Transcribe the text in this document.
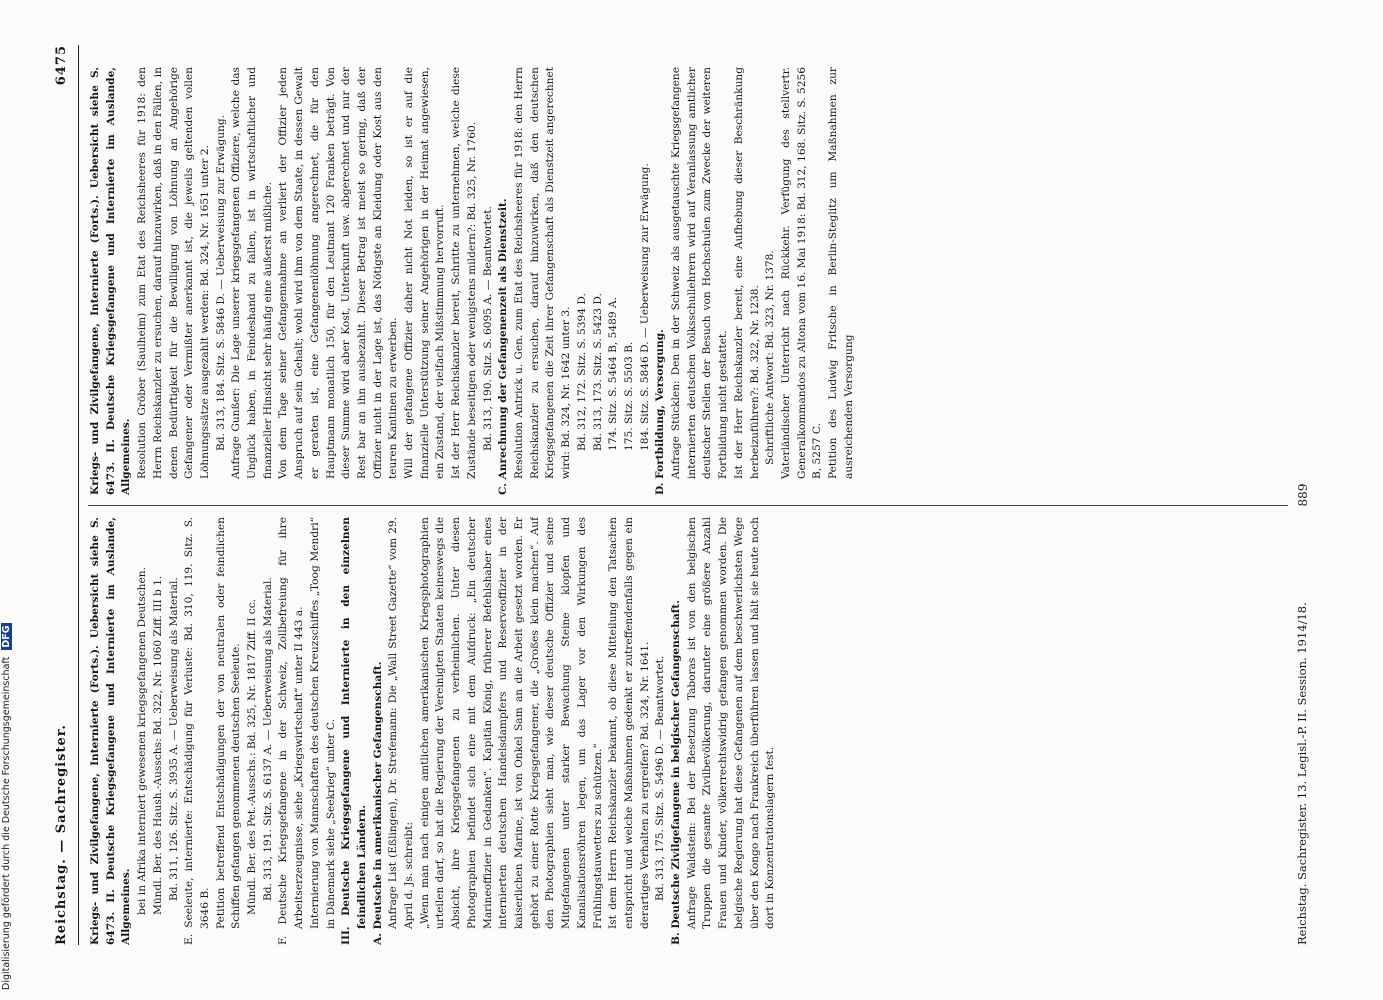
Digitalisierung gefördert durch die Deutsche Forschungsgemeinschaft DFG
Reichstag. — Sachregister.
6475
Kriegs- und Zivilgefangene, Internierte (Forts.). Uebersicht siehe S. 6473. II. Deutsche Kriegsgefangene und Internierte im Auslande, Allgemeines. bei in Afrika interniert gewesenen kriegsgefangenen Deutschen. Mündl. Ber. des Haush.-Ausschs: Bd. 322, Nr. 1060 Ziff. III b 1. Bd. 311, 126. Sitz. S. 3935 A. — Ueberweisung als Material. E. Seeleute, internierte: Entschädigung für Verluste: Bd. 310, 119. Sitz. S. 3646 B. Petition betreffend Entschädigungen der von neutralen oder feindlichen Schiffen gefangen genommenen deutschen Seeleute. Mündl. Ber. des Pet.-Ausschs.: Bd. 325, Nr. 1817 Ziff. II cc. Bd. 313, 191. Sitz. S. 6137 A. — Ueberweisung als Material. F. Deutsche Kriegsgefangene in der Schweiz, Zollbefreiung für ihre Arbeitserzeugnisse, siehe „Kriegswirtschaft“ unter II 443 a. Internierung von Mannschaften des deutschen Kreuzschiffes „Toog Mendri“ in Dänemark siehe „Seekrieg“ unter C. III. Deutsche Kriegsgefangene und Internierte in den einzelnen feindlichen Ländern. A. Deutsche in amerikanischer Gefangenschaft. Anfrage List (Eßlingen), Dr. Strefemann: Die „Wall Street Gazette“ vom 29. April d. Js. schreibt: „Wenn man nach einigen amtlichen amerikanischen Kriegsphotographien urteilen darf, so hat die Regierung der Vereinigten Staaten keineswegs die Absicht, ihre Kriegsgefangenen zu verheimlichen. Unter diesen Photographien befindet sich eine mit dem Aufdruck: „Ein deutscher Marineoffizier in Gedanken“. Kapitän König, früherer Befehlshaber eines internierten deutschen Handelsdampfers und Reserveoffizier in der kaiserlichen Marine, ist von Onkel Sam an die Arbeit gesetzt worden. Er gehört zu einer Rotte Kriegsgefangener, die „Großes klein machen“. Auf den Photographien sieht man, wie dieser deutsche Offizier und seine Mitgefangenen unter starker Bewachung Steine klopfen und Kanalisationsröhren legen, um das Lager vor den Wirkungen des Frühlingstauwetters zu schützen.“ Ist dem Herrn Reichskanzler bekannt, ob diese Mitteilung den Tatsachen entspricht und welche Maßnahmen gedenkt er zutreffendenfalls gegen ein derartiges Verhalten zu ergreifen? Bd. 324, Nr. 1641. Bd. 313, 175. Sitz. S. 5496 D. — Beantwortet. B. Deutsche Zivilgefangene in belgischer Gefangenschaft. Anfrage Waldstein: Bei der Besetzung Taboras ist von den belgischen Truppen die gesamte Zivilbevölkerung, darunter eine größere Anzahl Frauen und Kinder, völkerrechtswidrig gefangen genommen worden. Die belgische Regierung hat diese Gefangenen auf dem beschwerlichsten Wege über den Kongo nach Frankreich überführen lassen und hält sie heute noch dort in Konzentrationslagern fest.
Kriegs- und Zivilgefangene, Internierte (Forts.). Uebersicht siehe S. 6473. II. Deutsche Kriegsgefangene und Internierte im Auslande, Allgemeines. Resolution Gröber (Saulheim) zum Etat des Reichsheeres für 1918: den Herrn Reichskanzler zu ersuchen, darauf hinzuwirken, daß in den Fällen, in denen Bedürftigkeit für die Bewilligung von Löhnung an Angehörige Gefangener oder Vermißter anerkannt ist, die jeweils geltenden vollen Löhnungssätze ausgezahlt werden: Bd. 324, Nr. 1651 unter 2. Bd. 313, 184. Sitz. S. 5846 D. — Ueberweisung zur Erwägung. Anfrage Gunßer: Die Lage unserer kriegsgefangenen Offiziere, welche das Unglück haben, in Feindeshand zu fallen, ist in wirtschaftlicher und finanzieller Hinsicht sehr häufig eine äußerst mißliche. Von dem Tage seiner Gefangennahme an verliert der Offizier jeden Anspruch auf sein Gehalt; wohl wird ihm von dem Staate, in dessen Gewalt er geraten ist, eine Gefangenenlöhnung angerechnet, die für den Hauptmann monatlich 150, für den Leutnant 120 Franken beträgt. Von dieser Summe wird aber Kost, Unterkunft usw. abgerechnet und nur der Rest bar an ihn ausbezahlt. Dieser Betrag ist meist so gering, daß der Offizier nicht in der Lage ist, das Nötigste an Kleidung oder Kost aus den teuren Kantinen zu erwerben. Will der gefangene Offizier daher nicht Not leiden, so ist er auf die finanzielle Unterstützung seiner Angehörigen in der Heimat angewiesen, ein Zustand, der vielfach Mißstimmung hervorruft. Ist der Herr Reichskanzler bereit, Schritte zu unternehmen, welche diese Zustände beseitigen oder wenigstens mildern?: Bd. 325, Nr. 1760. Bd. 313, 190. Sitz. S. 6095 A. — Beantwortet. C. Anrechnung der Gefangenenzeit als Dienstzeit. Resolution Antrick u. Gen. zum Etat des Reichsheeres für 1918: den Herrn Reichskanzler zu ersuchen, darauf hinzuwirken, daß den deutschen Kriegsgefangenen die Zeit ihrer Gefangenschaft als Dienstzeit angerechnet wird: Bd. 324, Nr. 1642 unter 3. Bd. 312, 172. Sitz. S. 5394 D. Bd. 313, 173. Sitz. S. 5423 D. 174. Sitz. S. 5464 B, 5489 A. 175. Sitz. S. 5503 B. 184. Sitz. S. 5846 D. — Ueberweisung zur Erwägung. D. Fortbildung, Versorgung. Anfrage Stücklen: Den in der Schweiz als ausgetauschte Kriegsgefangene internierten deutschen Volksschullehrern wird auf Veranlassung amtlicher deutscher Stellen der Besuch von Hochschulen zum Zwecke der weiteren Fortbildung nicht gestattet. Ist der Herr Reichskanzler bereit, eine Aufhebung dieser Beschränkung herbeizuführen?: Bd. 322, Nr. 1238. Schriftliche Antwort: Bd. 323, Nr. 1378. Vaterländischer Unterricht nach Rückkehr. Verfügung des stellvertr. Generalkommandos zu Altona vom 16. Mai 1918: Bd. 312, 168. Sitz. S. 5256 B, 5257 C. Petition des Ludwig Fritsche in Berlin-Steglitz um Maßnahmen zur ausreichenden Versorgung
Reichstag. Sachregister. 13. Legisl.-P. II. Session. 1914/18.
889
